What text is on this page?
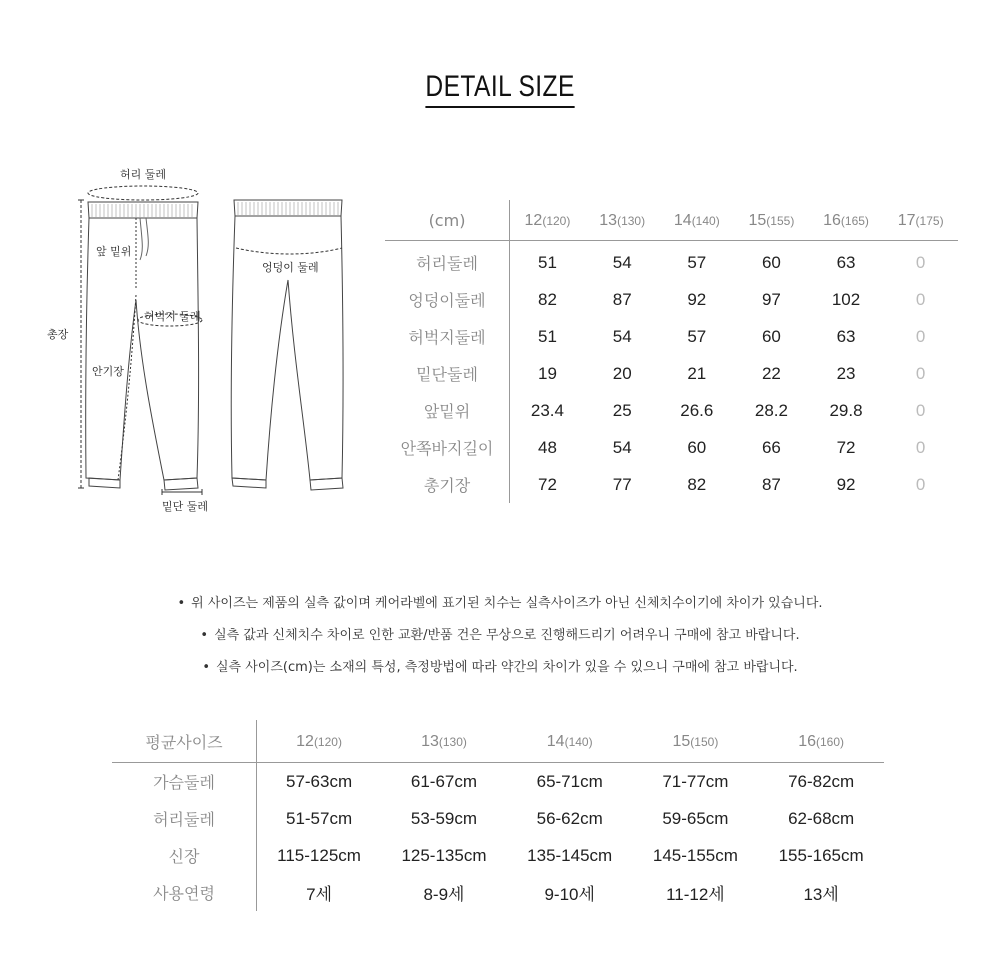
DETAIL SIZE
허리 둘레
앞 밑위
총장
허벅지 둘레
안기장
밑단 둘레
엉덩이 둘레
(cm)	12(120)	13(130)	14(140)	15(155)	16(165)	17(175)
허리둘레	51	54	57	60	63	0
엉덩이둘레	82	87	92	97	102	0
허벅지둘레	51	54	57	60	63	0
밑단둘레	19	20	21	22	23	0
앞밑위	23.4	25	26.6	28.2	29.8	0
안쪽바지길이	48	54	60	66	72	0
총기장	72	77	82	87	92	0
• 위 사이즈는 제품의 실측 값이며 케어라벨에 표기된 치수는 실측사이즈가 아닌 신체치수이기에 차이가 있습니다.
• 실측 값과 신체치수 차이로 인한 교환/반품 건은 무상으로 진행해드리기 어려우니 구매에 참고 바랍니다.
• 실측 사이즈(cm)는 소재의 특성, 측정방법에 따라 약간의 차이가 있을 수 있으니 구매에 참고 바랍니다.
평균사이즈	12(120)	13(130)	14(140)	15(150)	16(160)
가슴둘레	57-63cm	61-67cm	65-71cm	71-77cm	76-82cm
허리둘레	51-57cm	53-59cm	56-62cm	59-65cm	62-68cm
신장	115-125cm	125-135cm	135-145cm	145-155cm	155-165cm
사용연령	7세	8-9세	9-10세	11-12세	13세
